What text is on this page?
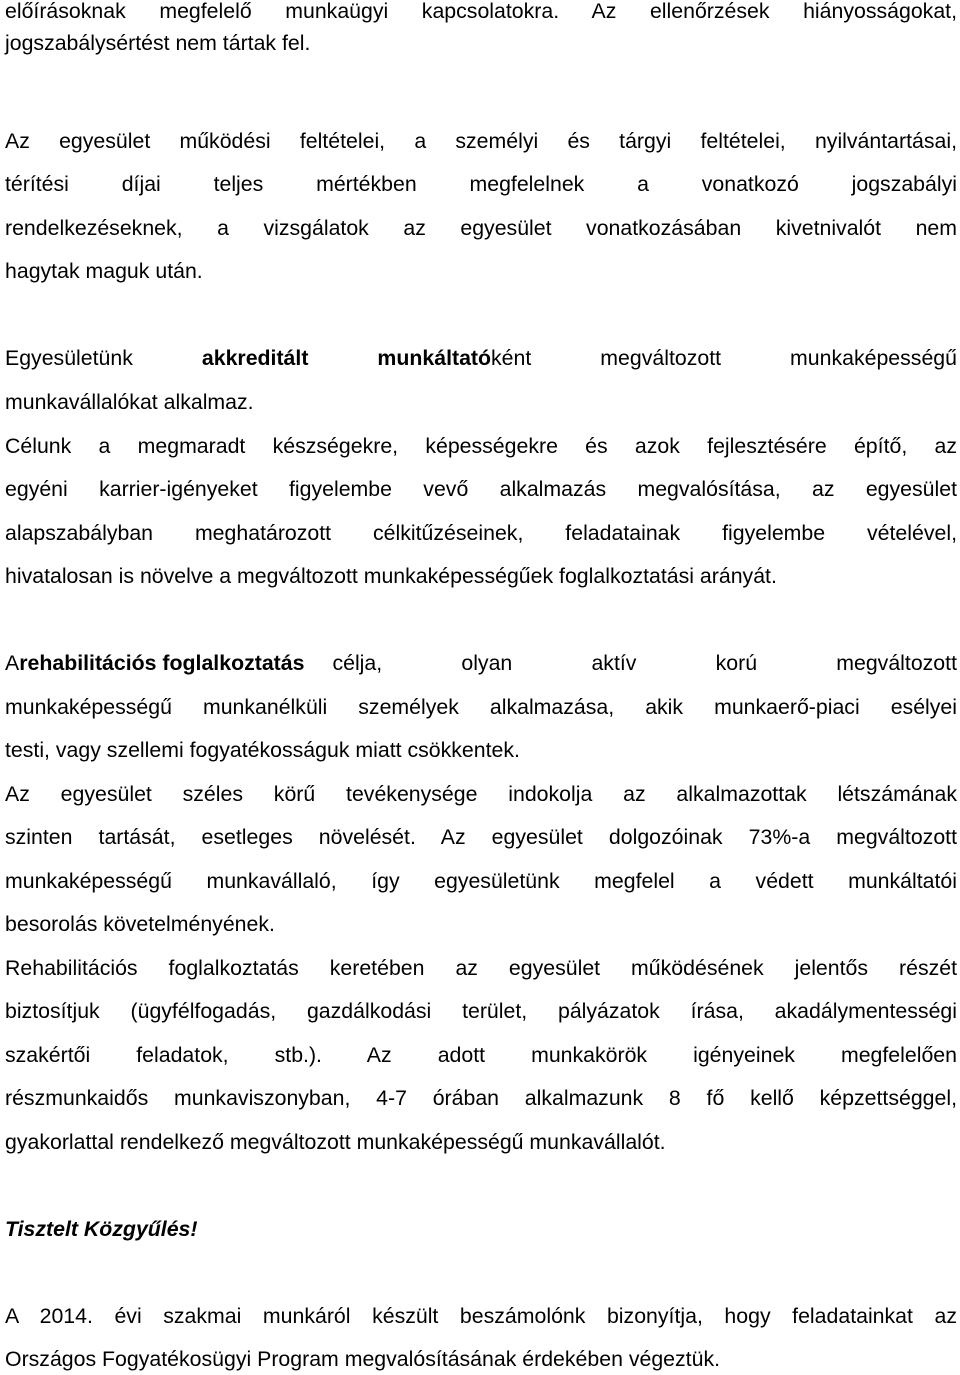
előírásoknak megfelelő munkaügyi kapcsolatokra. Az ellenőrzések hiányosságokat,
jogszabálysértést nem tártak fel.
Az egyesület működési feltételei, a személyi és tárgyi feltételei, nyilvántartásai,
térítési díjai teljes mértékben megfelelnek a vonatkozó jogszabályi
rendelkezéseknek, a vizsgálatok az egyesület vonatkozásában kivetnivalót nem
hagytak maguk után.
Egyesületünk	akkreditált	munkáltatóként	megváltozott	munkaképességű
munkavállalókat alkalmaz.
Célunk a megmaradt készségekre, képességekre és azok fejlesztésére építő, az
egyéni karrier-igényeket figyelembe vevő alkalmazás megvalósítása, az egyesület
alapszabályban meghatározott célkitűzéseinek, feladatainak figyelembe vételével,
hivatalosan is növelve a megváltozott munkaképességűek foglalkoztatási arányát.
A rehabilitációs foglalkoztatás célja, olyan aktív korú megváltozott
munkaképességű munkanélküli személyek alkalmazása, akik munkaerő-piaci esélyei
testi, vagy szellemi fogyatékosságuk miatt csökkentek.
Az egyesület széles körű tevékenysége indokolja az alkalmazottak létszámának
szinten tartását, esetleges növelését. Az egyesület dolgozóinak 73%-a megváltozott
munkaképességű munkavállaló, így egyesületünk megfelel a védett munkáltatói
besorolás követelményének.
Rehabilitációs foglalkoztatás keretében az egyesület működésének jelentős részét
biztosítjuk (ügyfélfogadás, gazdálkodási terület, pályázatok írása, akadálymentességi
szakértői feladatok, stb.). Az adott munkakörök igényeinek megfelelően
részmunkaidős munkaviszonyban, 4-7 órában alkalmazunk 8 fő kellő képzettséggel,
gyakorlattal rendelkező megváltozott munkaképességű munkavállalót.
Tisztelt Közgyűlés!
A 2014. évi szakmai munkáról készült beszámolónk bizonyítja, hogy feladatainkat az
Országos Fogyatékosügyi Program megvalósításának érdekében végeztük.
